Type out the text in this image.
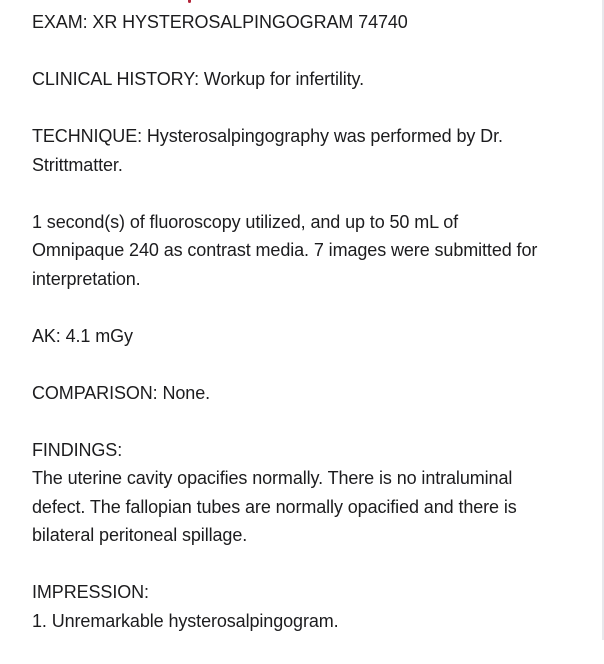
EXAM: XR HYSTEROSALPINGOGRAM 74740
CLINICAL HISTORY: Workup for infertility.
TECHNIQUE: Hysterosalpingography was performed by Dr.
Strittmatter.
1 second(s) of fluoroscopy utilized, and up to 50 mL of
Omnipaque 240 as contrast media. 7 images were submitted for
interpretation.
AK: 4.1 mGy
COMPARISON: None.
FINDINGS:
The uterine cavity opacifies normally. There is no intraluminal
defect. The fallopian tubes are normally opacified and there is
bilateral peritoneal spillage.
IMPRESSION:
1. Unremarkable hysterosalpingogram.
